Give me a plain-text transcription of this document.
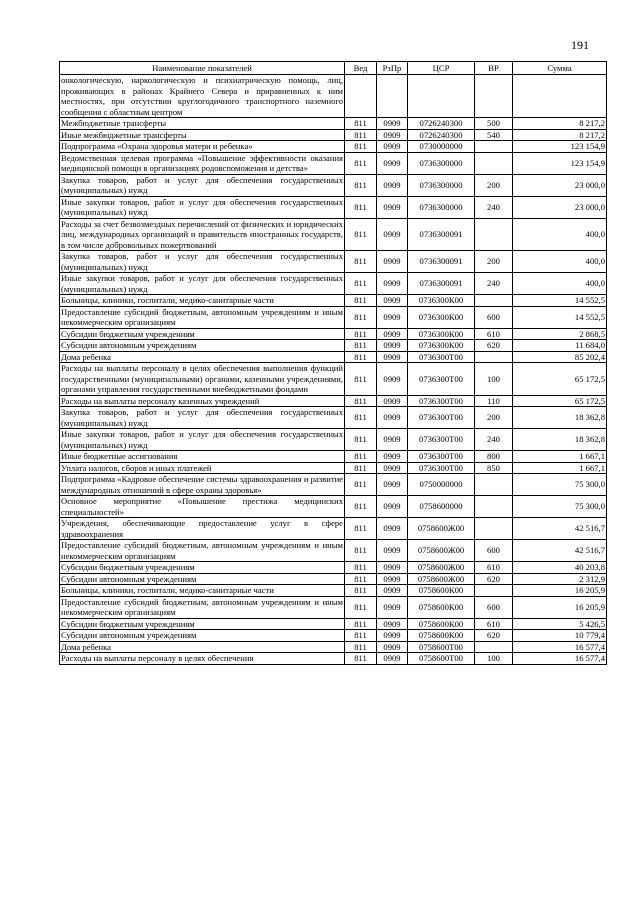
191
Наименование показателей	Вед	РзПр	ЦСР	ВР	Сумма
онкологическую, наркологическую и психиатрическую помощь, лиц, проживающих в районах Крайнего Севера и приравненных к ним местностях, при отсутствии круглогодичного транспортного наземного сообщения с областным центром					
Межбюджетные трансферты	811	0909	0726240300	500	8 217,2
Иные межбюджетные трансферты	811	0909	0726240300	540	8 217,2
Подпрограмма «Охрана здоровья матери и ребенка»	811	0909	0730000000		123 154,9
Ведомственная целевая программа «Повышение эффективности оказания медицинской помощи в организациях родовспоможения и детства»	811	0909	0736300000		123 154,9
Закупка товаров, работ и услуг для обеспечения государственных (муниципальных) нужд	811	0909	0736300000	200	23 000,0
Иные закупки товаров, работ и услуг для обеспечения государственных (муниципальных) нужд	811	0909	0736300000	240	23 000,0
Расходы за счет безвозмездных перечислений от физических и юридических лиц, международных организаций и правительств иностранных государств, в том числе добровольных пожертвований	811	0909	0736300091		400,0
Закупка товаров, работ и услуг для обеспечения государственных (муниципальных) нужд	811	0909	0736300091	200	400,0
Иные закупки товаров, работ и услуг для обеспечения государственных (муниципальных) нужд	811	0909	0736300091	240	400,0
Больницы, клиники, госпитали, медико-санитарные части	811	0909	0736300К00		14 552,5
Предоставление субсидий бюджетным, автономным учреждениям и иным некоммерческим организациям	811	0909	0736300К00	600	14 552,5
Субсидии бюджетным учреждениям	811	0909	0736300К00	610	2 868,5
Субсидии автономным учреждениям	811	0909	0736300К00	620	11 684,0
Дома ребенка	811	0909	0736300Т00		85 202,4
Расходы на выплаты персоналу в целях обеспечения выполнения функций государственными (муниципальными) органами, казенными учреждениями, органами управления государственными внебюджетными фондами	811	0909	0736300Т00	100	65 172,5
Расходы на выплаты персоналу казенных учреждений	811	0909	0736300Т00	110	65 172,5
Закупка товаров, работ и услуг для обеспечения государственных (муниципальных) нужд	811	0909	0736300Т00	200	18 362,8
Иные закупки товаров, работ и услуг для обеспечения государственных (муниципальных) нужд	811	0909	0736300Т00	240	18 362,8
Иные бюджетные ассигнования	811	0909	0736300Т00	800	1 667,1
Уплата налогов, сборов и иных платежей	811	0909	0736300Т00	850	1 667,1
Подпрограмма «Кадровое обеспечение системы здравоохранения и развитие международных отношений в сфере охраны здоровья»	811	0909	0750000000		75 300,0
Основное мероприятие «Повышение престижа медицинских специальностей»	811	0909	0758600000		75 300,0
Учреждения, обеспечивающие предоставление услуг в сфере здравоохранения	811	0909	0758600Ж00		42 516,7
Предоставление субсидий бюджетным, автономным учреждениям и иным некоммерческим организациям	811	0909	0758600Ж00	600	42 516,7
Субсидии бюджетным учреждениям	811	0909	0758600Ж00	610	40 203,8
Субсидии автономным учреждениям	811	0909	0758600Ж00	620	2 312,9
Больницы, клиники, госпитали, медико-санитарные части	811	0909	0758600К00		16 205,9
Предоставление субсидий бюджетным, автономным учреждениям и иным некоммерческим организациям	811	0909	0758600К00	600	16 205,9
Субсидии бюджетным учреждениям	811	0909	0758600К00	610	5 426,5
Субсидии автономным учреждениям	811	0909	0758600К00	620	10 779,4
Дома ребенка	811	0909	0758600Т00		16 577,4
Расходы на выплаты персоналу в целях обеспечения	811	0909	0758600Т00	100	16 577,4
